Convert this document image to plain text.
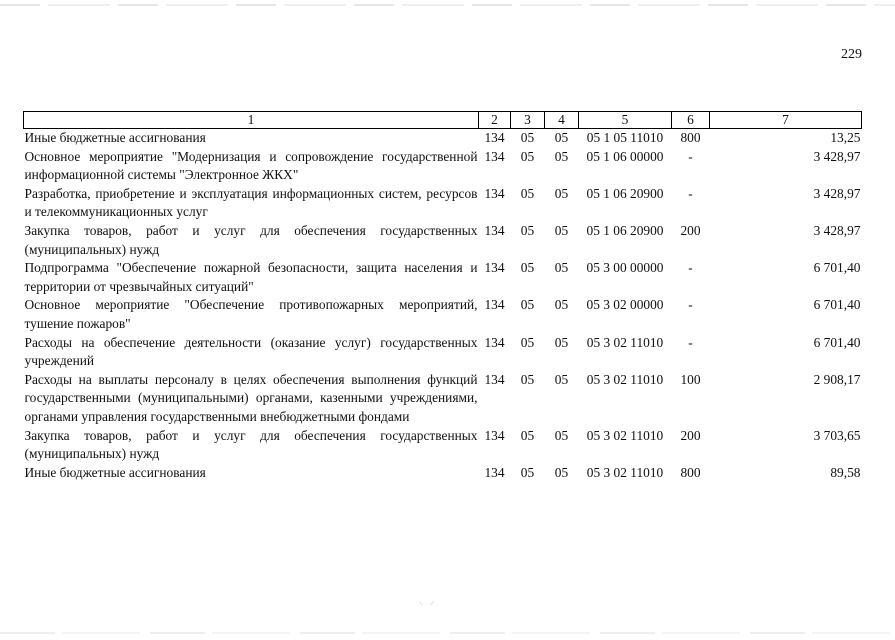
229
1	2	3	4	5	6	7
Иные бюджетные ассигнования	134	05	05	05 1 05 11010	800	13,25
Основное мероприятие "Модернизация и сопровождение государственной информационной системы "Электронное ЖКХ"	134	05	05	05 1 06 00000	-	3 428,97
Разработка, приобретение и эксплуатация информационных систем, ресурсов и телекоммуникационных услуг	134	05	05	05 1 06 20900	-	3 428,97
Закупка товаров, работ и услуг для обеспечения государственных (муниципальных) нужд	134	05	05	05 1 06 20900	200	3 428,97
Подпрограмма "Обеспечение пожарной безопасности, защита населения и территории от чрезвычайных ситуаций"	134	05	05	05 3 00 00000	-	6 701,40
Основное мероприятие "Обеспечение противопожарных мероприятий, тушение пожаров"	134	05	05	05 3 02 00000	-	6 701,40
Расходы на обеспечение деятельности (оказание услуг) государственных учреждений	134	05	05	05 3 02 11010	-	6 701,40
Расходы на выплаты персоналу в целях обеспечения выполнения функций государственными (муниципальными) органами, казенными учреждениями, органами управления государственными внебюджетными фондами	134	05	05	05 3 02 11010	100	2 908,17
Закупка товаров, работ и услуг для обеспечения государственных (муниципальных) нужд	134	05	05	05 3 02 11010	200	3 703,65
Иные бюджетные ассигнования	134	05	05	05 3 02 11010	800	89,58
⸌⸍
